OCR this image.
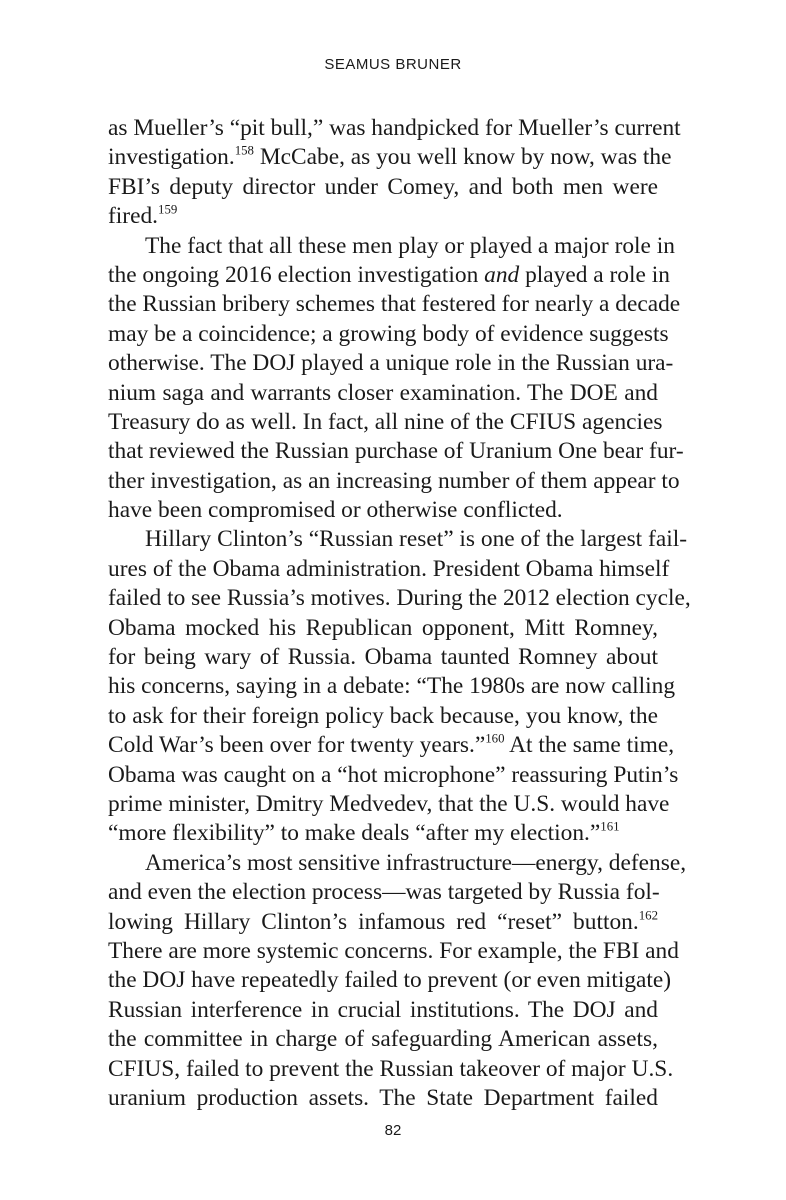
SEAMUS BRUNER
as Mueller’s “pit bull,” was handpicked for Mueller’s current
investigation.$^{158}$ McCabe, as you well know by now, was the
FBI’s deputy director under Comey, and both men were
fired.$^{159}$
The fact that all these men play or played a major role in
the ongoing 2016 election investigation and played a role in
the Russian bribery schemes that festered for nearly a decade
may be a coincidence; a growing body of evidence suggests
otherwise. The DOJ played a unique role in the Russian ura-
nium saga and warrants closer examination. The DOE and
Treasury do as well. In fact, all nine of the CFIUS agencies
that reviewed the Russian purchase of Uranium One bear fur-
ther investigation, as an increasing number of them appear to
have been compromised or otherwise conflicted.
Hillary Clinton’s “Russian reset” is one of the largest fail-
ures of the Obama administration. President Obama himself
failed to see Russia’s motives. During the 2012 election cycle,
Obama mocked his Republican opponent, Mitt Romney,
for being wary of Russia. Obama taunted Romney about
his concerns, saying in a debate: “The 1980s are now calling
to ask for their foreign policy back because, you know, the
Cold War’s been over for twenty years.”$^{160}$ At the same time,
Obama was caught on a “hot microphone” reassuring Putin’s
prime minister, Dmitry Medvedev, that the U.S. would have
“more flexibility” to make deals “after my election.”$^{161}$
America’s most sensitive infrastructure—energy, defense,
and even the election process—was targeted by Russia fol-
lowing Hillary Clinton’s infamous red “reset” button.$^{162}$
There are more systemic concerns. For example, the FBI and
the DOJ have repeatedly failed to prevent (or even mitigate)
Russian interference in crucial institutions. The DOJ and
the committee in charge of safeguarding American assets,
CFIUS, failed to prevent the Russian takeover of major U.S.
uranium production assets. The State Department failed
82
